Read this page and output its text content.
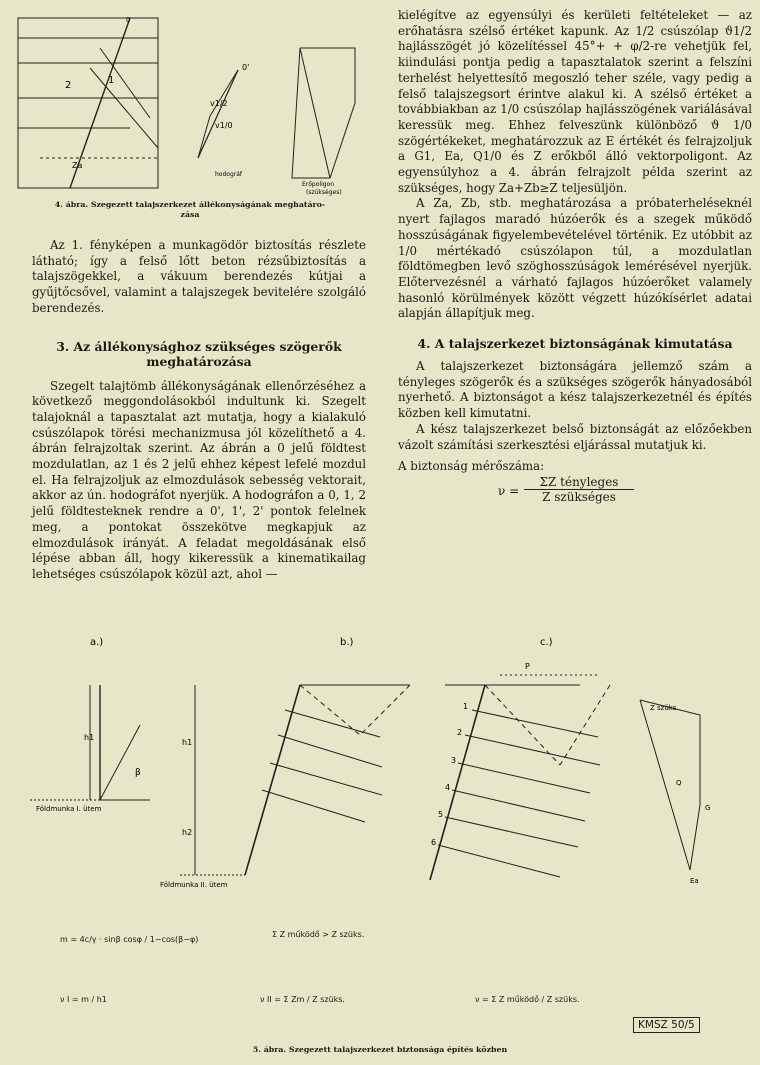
0
0'
1
2
v1/2
v1/0
Za
hodográf
Erőpoligon
(szükséges)
4. ábra. Szegezett talajszerkezet állékonyságának meghatáro-
zása

Az 1. fényképen a munkagödör biztosítás részlete látható; így a felső lőtt beton rézsűbiztosítás a talajszögekkel, a vákuum berendezés kútjai a gyűjtőcsővel, valamint a talajszegek bevitelére szolgáló berendezés.

3. Az állékonysághoz szükséges szögerők
meghatározása

Szegelt talajtömb állékonyságának ellenőrzéséhez a következő meggondolásokból indultunk ki. Szegelt talajoknál a tapasztalat azt mutatja, hogy a kialakuló csúszólapok törési mechanizmusa jól közelíthető a 4. ábrán felrajzoltak szerint. Az ábrán a 0 jelű földtest mozdulatlan, az 1 és 2 jelű ehhez képest lefelé mozdul el. Ha felrajzoljuk az elmozdulások sebesség vektorait, akkor az ún. hodográfot nyerjük. A hodográfon a 0, 1, 2 jelű földtesteknek rendre a 0', 1', 2' pontok felelnek meg, a pontokat összekötve megkapjuk az elmozdulások irányát. A feladat megoldásának első lépése abban áll, hogy kikeressük a kinematikailag lehetséges csúszólapok közül azt, ahol —

kielégítve az egyensúlyi és kerületi feltételeket — az erőhatásra szélső értéket kapunk. Az 1/2 csúszólap ϑ1/2 hajlásszögét jó közelítéssel 45°+ + φ/2-re vehetjük fel, kiindulási pontja pedig a tapasztalatok szerint a felszíni terhelést helyettesítő megoszló teher széle, vagy pedig a felső talajszegsort érintve alakul ki. A szélső értéket a továbbiakban az 1/0 csúszólap hajlásszögének variálásával keressük meg. Ehhez felveszünk különböző ϑ 1/0 szögértékeket, meghatározzuk az E értékét és felrajzoljuk a G1, Ea, Q1/0 és Z erőkből álló vektorpoligont. Az egyensúlyhoz a 4. ábrán felrajzolt példa szerint az szükséges, hogy Za+Zb≥Z teljesüljön.

A Za, Zb, stb. meghatározása a próbaterheléseknél nyert fajlagos maradó húzóerők és a szegek működő hosszúságának figyelembevételével történik. Ez utóbbit az 1/0 mértékadó csúszólapon túl, a mozdulatlan földtömegben levő szöghosszúságok lemérésével nyerjük. Előtervezésnél a várható fajlagos húzóerőket valamely hasonló körülmények között végzett húzókísérlet adatai alapján állapítjuk meg.

4. A talajszerkezet biztonságának kimutatása

A talajszerkezet biztonságára jellemző szám a tényleges szögerők és a szükséges szögerők hányadosából nyerhető. A biztonságot a kész talajszerkezetnél és építés közben kell kimutatni.

A kész talajszerkezet belső biztonságát az előzőekben vázolt számítási szerkesztési eljárással mutatjuk ki.

A biztonság mérőszáma:

ν =
ΣZ tényleges
Z szükséges
a.)	b.)	c.)
h1
h1
h2
β
Földmunka I. ütem
Földmunka II. ütem
P
Z szüks
Q
G
Ea
1
2
3
4
5
6
m = 4c/γ · sinβ cosφ / 1−cos(β−φ)
Σ Z működő > Z szüks.
ν I = m / h1	ν II = Σ Zm / Z szüks.	ν = Σ Z működő / Z szüks.
KMSZ 50/5
5. ábra. Szegezett talajszerkezet biztonsága építés közben
